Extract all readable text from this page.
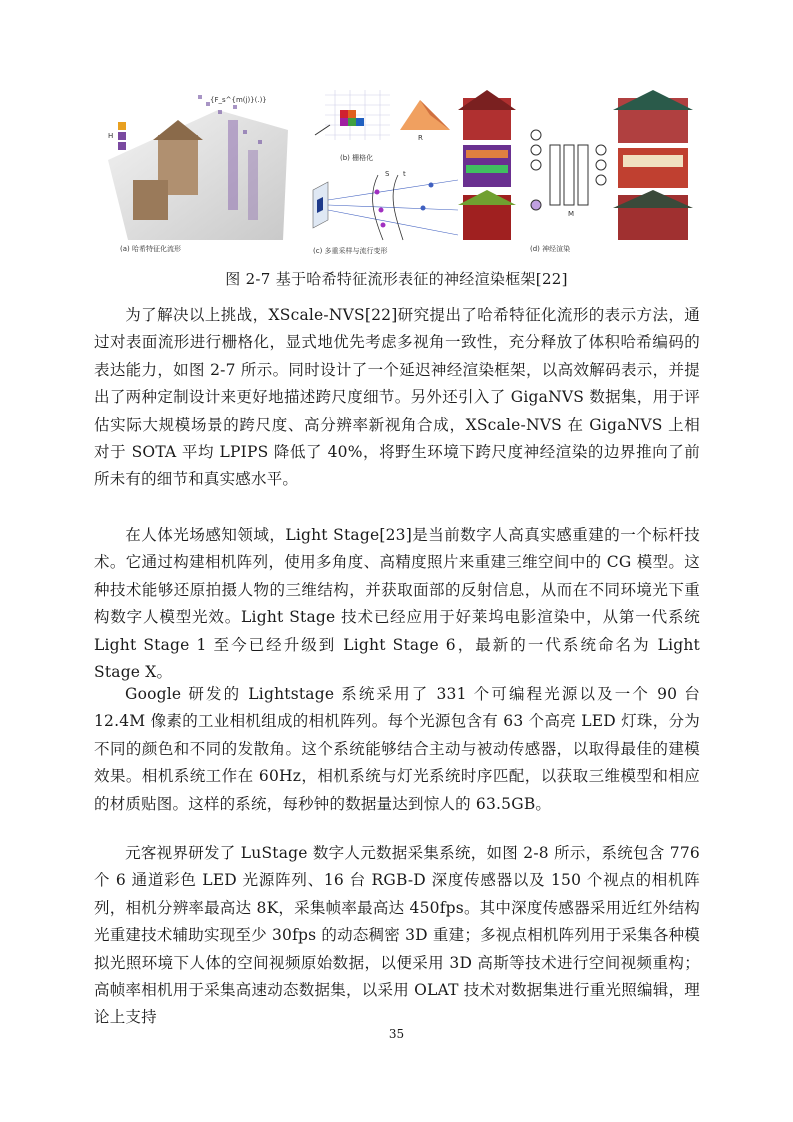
H
{F_s^{m(j)}(.)}
(a) 哈希特征化流形
R
(b) 栅格化
S t
(c) 多重采样与流行变形
M
(d) 神经渲染
图 2-7 基于哈希特征流形表征的神经渲染框架[22]
为了解决以上挑战，XScale-NVS[22]研究提出了哈希特征化流形的表示方法，通过对表面流形进行栅格化，显式地优先考虑多视角一致性，充分释放了体积哈希编码的表达能力，如图 2-7 所示。同时设计了一个延迟神经渲染框架，以高效解码表示，并提出了两种定制设计来更好地描述跨尺度细节。另外还引入了 GigaNVS 数据集，用于评估实际大规模场景的跨尺度、高分辨率新视角合成，XScale-NVS 在 GigaNVS 上相对于 SOTA 平均 LPIPS 降低了 40%，将野生环境下跨尺度神经渲染的边界推向了前所未有的细节和真实感水平。
在人体光场感知领域，Light Stage[23]是当前数字人高真实感重建的一个标杆技术。它通过构建相机阵列，使用多角度、高精度照片来重建三维空间中的 CG 模型。这种技术能够还原拍摄人物的三维结构，并获取面部的反射信息，从而在不同环境光下重构数字人模型光效。Light Stage 技术已经应用于好莱坞电影渲染中，从第一代系统 Light Stage 1 至今已经升级到 Light Stage 6，最新的一代系统命名为 Light Stage X。
Google 研发的 Lightstage 系统采用了 331 个可编程光源以及一个 90 台 12.4M 像素的工业相机组成的相机阵列。每个光源包含有 63 个高亮 LED 灯珠，分为不同的颜色和不同的发散角。这个系统能够结合主动与被动传感器，以取得最佳的建模效果。相机系统工作在 60Hz，相机系统与灯光系统时序匹配，以获取三维模型和相应的材质贴图。这样的系统，每秒钟的数据量达到惊人的 63.5GB。
元客视界研发了 LuStage 数字人元数据采集系统，如图 2-8 所示，系统包含 776 个 6 通道彩色 LED 光源阵列、16 台 RGB-D 深度传感器以及 150 个视点的相机阵列，相机分辨率最高达 8K，采集帧率最高达 450fps。其中深度传感器采用近红外结构光重建技术辅助实现至少 30fps 的动态稠密 3D 重建；多视点相机阵列用于采集各种模拟光照环境下人体的空间视频原始数据，以便采用 3D 高斯等技术进行空间视频重构；高帧率相机用于采集高速动态数据集，以采用 OLAT 技术对数据集进行重光照编辑，理论上支持
35
